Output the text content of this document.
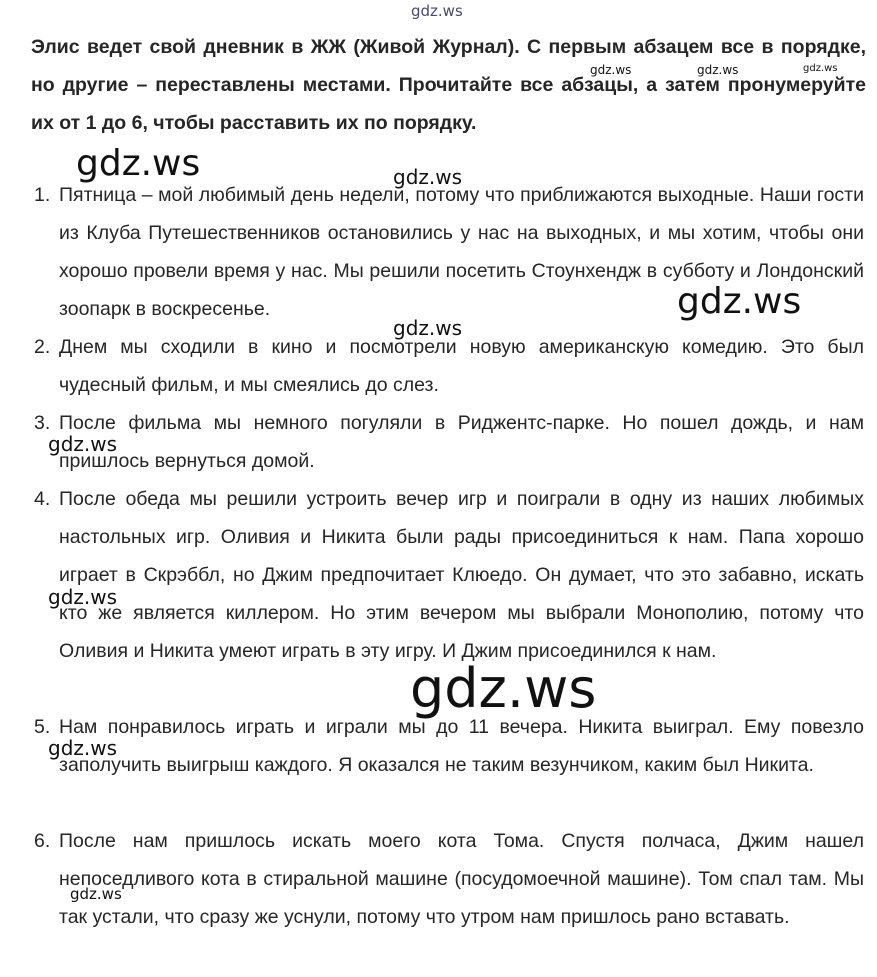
Элис ведет свой дневник в ЖЖ (Живой Журнал). С первым абзацем все в порядке, но другие – переставлены местами. Прочитайте все абзацы, а затем пронумеруйте их от 1 до 6, чтобы расставить их по порядку.
1. Пятница – мой любимый день недели, потому что приближаются выходные. Наши гости из Клуба Путешественников остановились у нас на выходных, и мы хотим, чтобы они хорошо провели время у нас. Мы решили посетить Стоунхендж в субботу и Лондонский зоопарк в воскресенье.
2. Днем мы сходили в кино и посмотрели новую американскую комедию. Это был чудесный фильм, и мы смеялись до слез.
3. После фильма мы немного погуляли в Риджентс-парке. Но пошел дождь, и нам пришлось вернуться домой.
4. После обеда мы решили устроить вечер игр и поиграли в одну из наших любимых настольных игр. Оливия и Никита были рады присоединиться к нам. Папа хорошо играет в Скрэббл, но Джим предпочитает Клюедо. Он думает, что это забавно, искать кто же является киллером. Но этим вечером мы выбрали Монополию, потому что Оливия и Никита умеют играть в эту игру. И Джим присоединился к нам.
5. Нам понравилось играть и играли мы до 11 вечера. Никита выиграл. Ему повезло заполучить выигрыш каждого. Я оказался не таким везунчиком, каким был Никита.
6. После нам пришлось искать моего кота Тома. Спустя полчаса, Джим нашел непоседливого кота в стиральной машине (посудомоечной машине). Том спал там. Мы так устали, что сразу же уснули, потому что утром нам пришлось рано вставать.
gdz.ws
gdz.ws	gdz.ws	gdz.ws
gdz.ws	gdz.ws
gdz.ws
gdz.ws
gdz.ws
gdz.ws
gdz.ws
gdz.ws
gdz.ws
